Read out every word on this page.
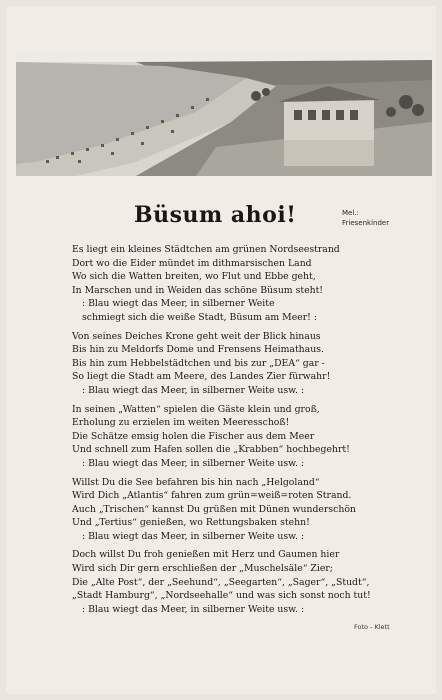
Büsum ahoi!	Mel.:
Friesenkinder
Es liegt ein kleines Städtchen am grünen Nordseestrand
Dort wo die Eider mündet im dithmarsischen Land
Wo sich die Watten breiten, wo Flut und Ebbe geht,
In Marschen und in Weiden das schöne Büsum steht!
: Blau wiegt das Meer, in silberner Weite
schmiegt sich die weiße Stadt, Büsum am Meer! :
Von seines Deiches Krone geht weit der Blick hinaus
Bis hin zu Meldorfs Dome und Frensens Heimathaus.
Bis hin zum Hebbelstädtchen und bis zur „DEA“ gar -
So liegt die Stadt am Meere, des Landes Zier fürwahr!
: Blau wiegt das Meer, in silberner Weite usw. :
In seinen „Watten“ spielen die Gäste klein und groß,
Erholung zu erzielen im weiten Meeresschoß!
Die Schätze emsig holen die Fischer aus dem Meer
Und schnell zum Hafen sollen die „Krabben“ hochbegehrt!
: Blau wiegt das Meer, in silberner Weite usw. :
Willst Du die See befahren bis hin nach „Helgoland“
Wird Dich „Atlantis“ fahren zum grün=weiß=roten Strand.
Auch „Trischen“ kannst Du grüßen mit Dünen wunderschön
Und „Tertius“ genießen, wo Rettungsbaken stehn!
: Blau wiegt das Meer, in silberner Weite usw. :
Doch willst Du froh genießen mit Herz und Gaumen hier
Wird sich Dir gern erschließen der „Muschelsäle“ Zier;
Die „Alte Post“, der „Seehund“, „Seegarten“, „Sager“, „Studt“,
„Stadt Hamburg“, „Nordseehalle“ und was sich sonst noch tut!
: Blau wiegt das Meer, in silberner Weite usw. :
Foto - Klett
